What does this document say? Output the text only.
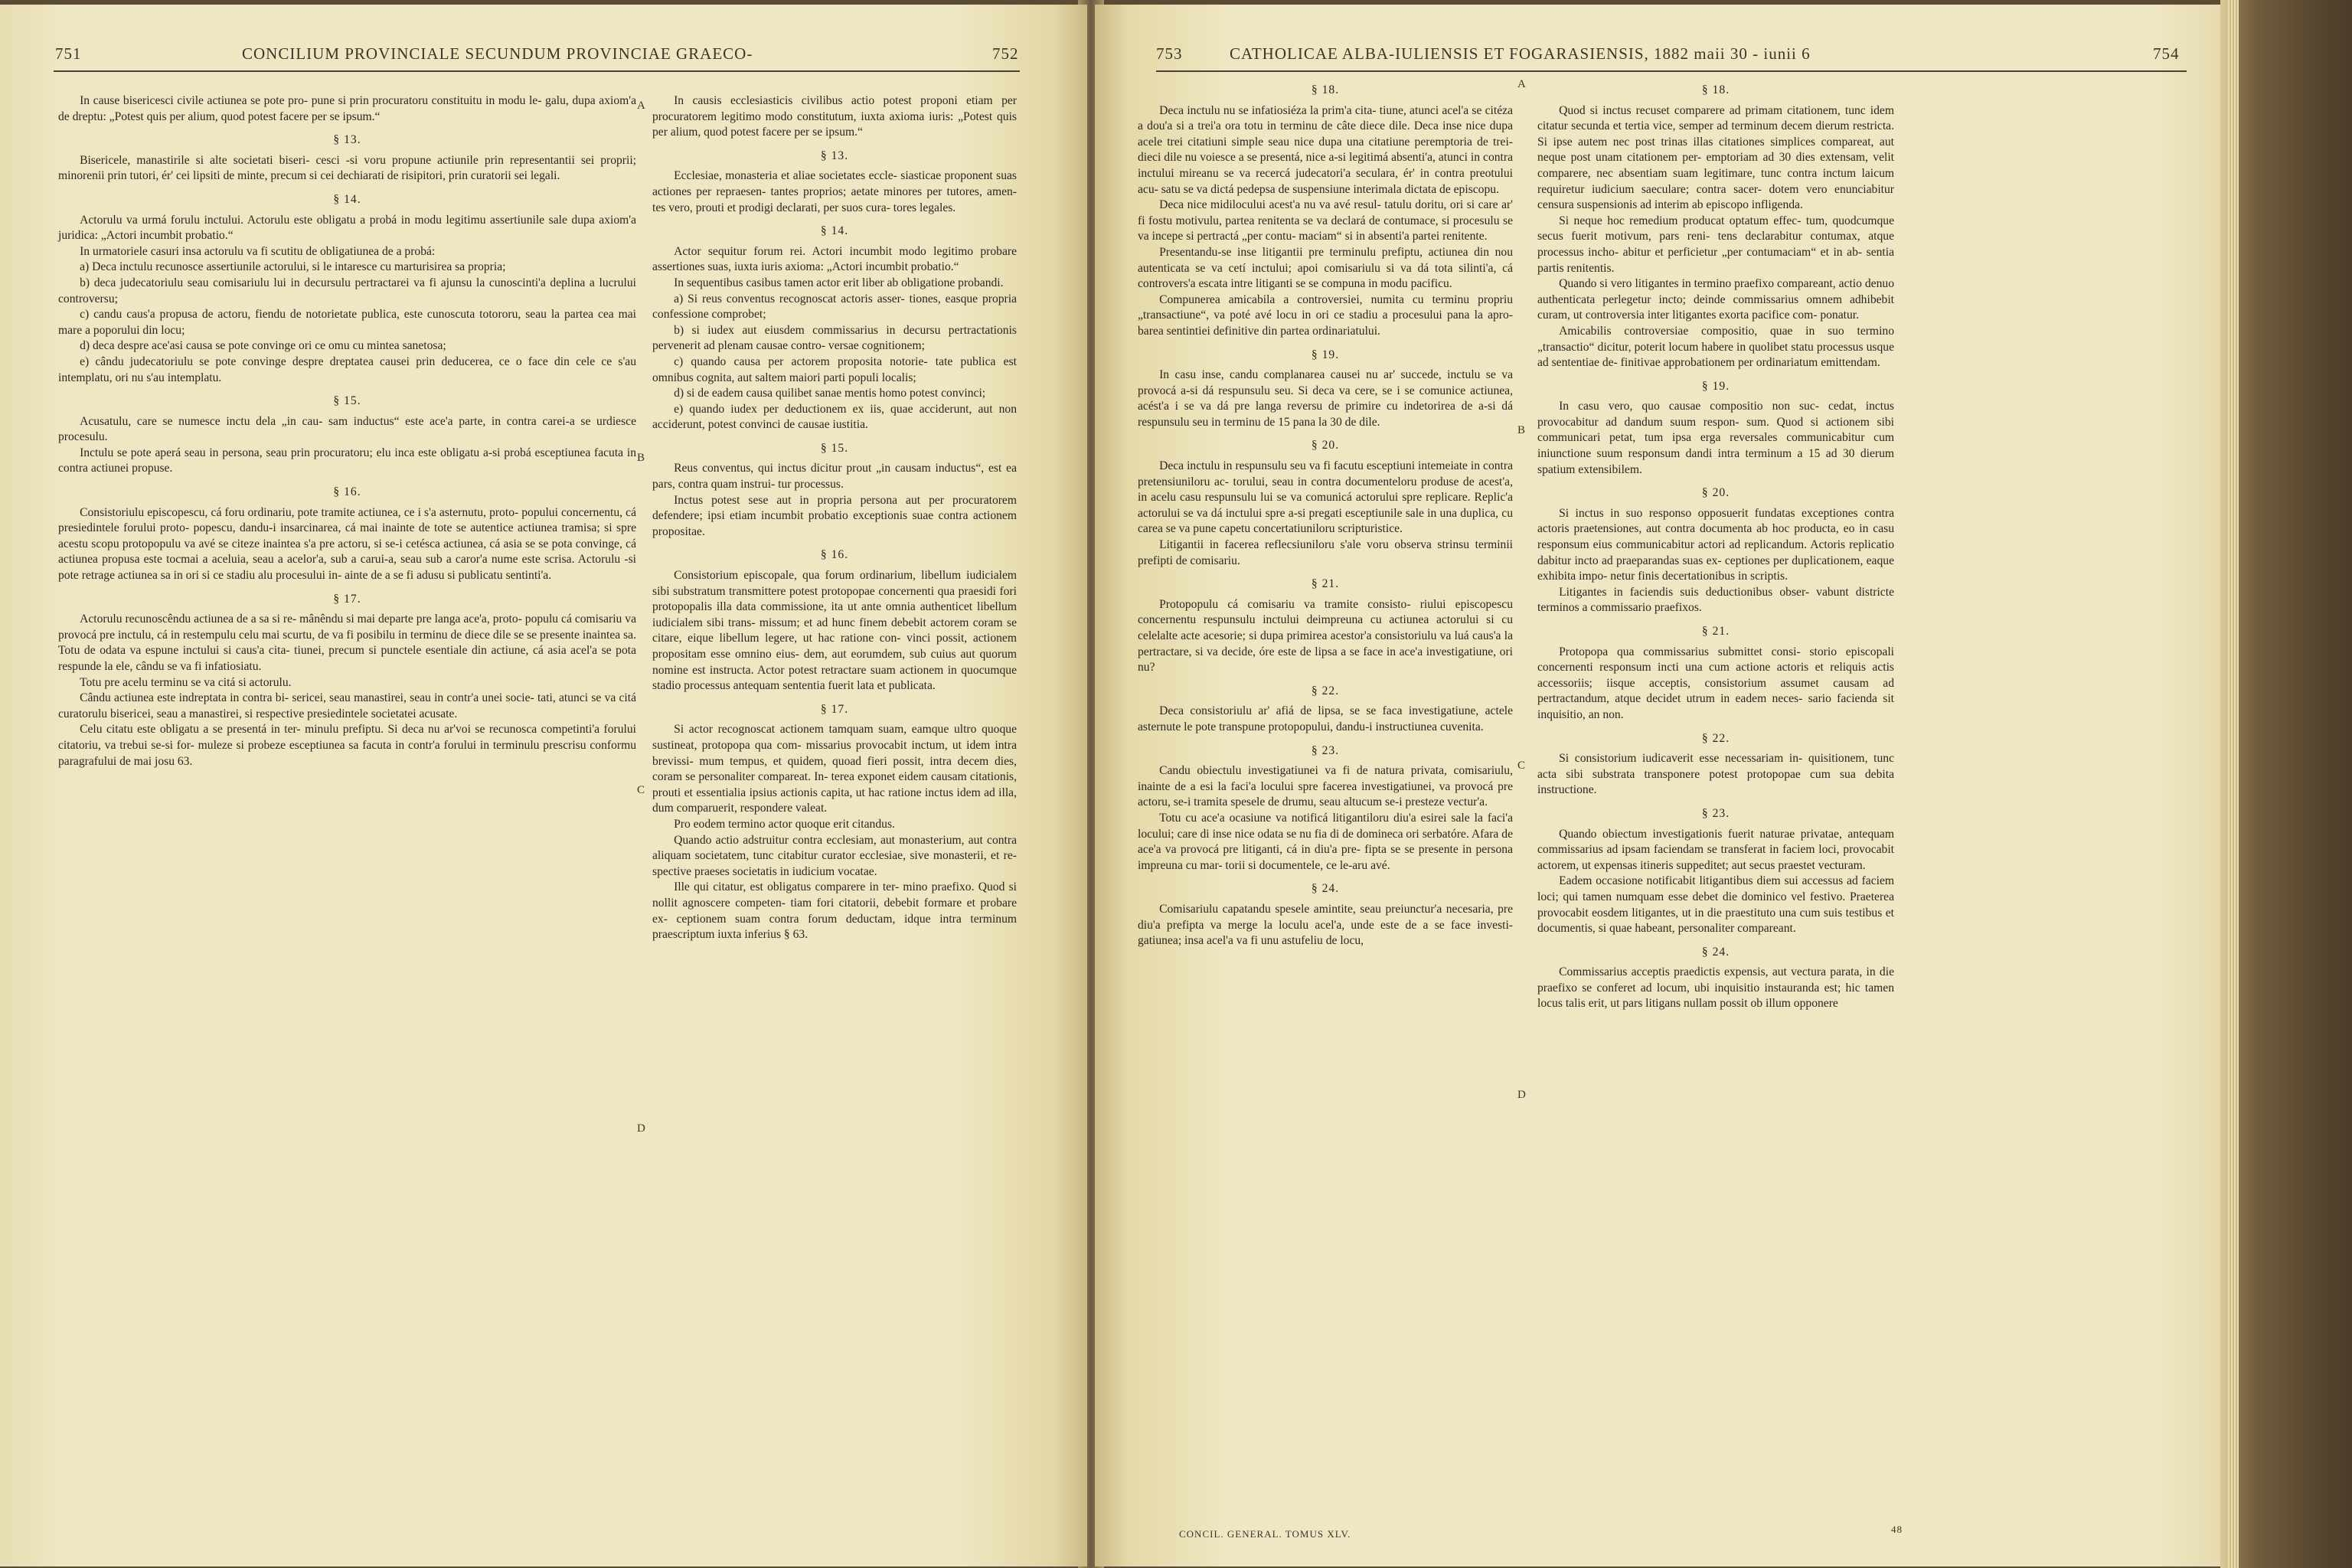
751	CONCILIUM PROVINCIALE SECUNDUM PROVINCIAE GRAECO-	752
A
B
C
D

In cause bisericesci civile actiunea se pote pro- pune si prin procuratoru constituitu in modu le- galu, dupa axiom'a de dreptu: „Potest quis per alium, quod potest facere per se ipsum.“

§ 13.

Bisericele, manastirile si alte societati biseri- cesci -si voru propune actiunile prin representantii sei proprii; minorenii prin tutori, ér' cei lipsiti de minte, precum si cei dechiarati de risipitori, prin curatorii sei legali.

§ 14.

Actorulu va urmá forulu inctului. Actorulu este obligatu a probá in modu legitimu assertiunile sale dupa axiom'a juridica: „Actori incumbit probatio.“

In urmatoriele casuri insa actorulu va fi scutitu de obligatiunea de a probá:

a) Deca inctulu recunosce assertiunile actorului, si le intaresce cu marturisirea sa propria;

b) deca judecatoriulu seau comisariulu lui in decursulu pertractarei va fi ajunsu la cunoscinti'a deplina a lucrului controversu;

c) candu caus'a propusa de actoru, fiendu de notorietate publica, este cunoscuta totororu, seau la partea cea mai mare a poporului din locu;

d) deca despre ace'asi causa se pote convinge ori ce omu cu mintea sanetosa;

e) cându judecatoriulu se pote convinge despre dreptatea causei prin deducerea, ce o face din cele ce s'au intemplatu, ori nu s'au intemplatu.

§ 15.

Acusatulu, care se numesce inctu dela „in cau- sam inductus“ este ace'a parte, in contra carei-a se urdiesce procesulu.

Inctulu se pote aperá seau in persona, seau prin procuratoru; elu inca este obligatu a-si probá esceptiunea facuta in contra actiunei propuse.

§ 16.

Consistoriulu episcopescu, cá foru ordinariu, pote tramite actiunea, ce i s'a asternutu, proto- popului concernentu, cá presiedintele forului proto- popescu, dandu-i insarcinarea, cá mai inainte de tote se autentice actiunea tramisa; si spre acestu scopu protopopulu va avé se citeze inaintea s'a pre actoru, si se-i cetésca actiunea, cá asia se se pota convinge, cá actiunea propusa este tocmai a aceluia, seau a acelor'a, sub a carui-a, seau sub a caror'a nume este scrisa. Actorulu -si pote retrage actiunea sa in ori si ce stadiu alu procesului in- ainte de a se fi adusu si publicatu sentinti'a.

§ 17.

Actorulu recunoscêndu actiunea de a sa si re- mânêndu si mai departe pre langa ace'a, proto- populu cá comisariu va provocá pre inctulu, cá in restempulu celu mai scurtu, de va fi posibilu in terminu de diece dile se se presente inaintea sa. Totu de odata va espune inctului si caus'a cita- tiunei, precum si punctele esentiale din actiune, cá asia acel'a se pota respunde la ele, cându se va fi infatiosiatu.

Totu pre acelu terminu se va citá si actorulu.

Cându actiunea este indreptata in contra bi- sericei, seau manastirei, seau in contr'a unei socie- tati, atunci se va citá curatorulu bisericei, seau a manastirei, si respective presiedintele societatei acusate.

Celu citatu este obligatu a se presentá in ter- minulu prefiptu. Si deca nu ar'voi se recunosca competinti'a forului citatoriu, va trebui se-si for- muleze si probeze esceptiunea sa facuta in contr'a forului in terminulu prescrisu conformu paragrafului de mai josu 63.

In causis ecclesiasticis civilibus actio potest proponi etiam per procuratorem legitimo modo constitutum, iuxta axioma iuris: „Potest quis per alium, quod potest facere per se ipsum.“

§ 13.

Ecclesiae, monasteria et aliae societates eccle- siasticae proponent suas actiones per repraesen- tantes proprios; aetate minores per tutores, amen- tes vero, prouti et prodigi declarati, per suos cura- tores legales.

§ 14.

Actor sequitur forum rei. Actori incumbit modo legitimo probare assertiones suas, iuxta iuris axioma: „Actori incumbit probatio.“

In sequentibus casibus tamen actor erit liber ab obligatione probandi.

a) Si reus conventus recognoscat actoris asser- tiones, easque propria confessione comprobet;

b) si iudex aut eiusdem commissarius in decursu pertractationis pervenerit ad plenam causae contro- versae cognitionem;

c) quando causa per actorem proposita notorie- tate publica est omnibus cognita, aut saltem maiori parti populi localis;

d) si de eadem causa quilibet sanae mentis homo potest convinci;

e) quando iudex per deductionem ex iis, quae acciderunt, aut non acciderunt, potest convinci de causae iustitia.

§ 15.

Reus conventus, qui inctus dicitur prout „in causam inductus“, est ea pars, contra quam instrui- tur processus.

Inctus potest sese aut in propria persona aut per procuratorem defendere; ipsi etiam incumbit probatio exceptionis suae contra actionem propositae.

§ 16.

Consistorium episcopale, qua forum ordinarium, libellum iudicialem sibi substratum transmittere potest protopopae concernenti qua praesidi fori protopopalis illa data commissione, ita ut ante omnia authenticet libellum iudicialem sibi trans- missum; et ad hunc finem debebit actorem coram se citare, eique libellum legere, ut hac ratione con- vinci possit, actionem propositam esse omnino eius- dem, aut eorumdem, sub cuius aut quorum nomine est instructa. Actor potest retractare suam actionem in quocumque stadio processus antequam sententia fuerit lata et publicata.

§ 17.

Si actor recognoscat actionem tamquam suam, eamque ultro quoque sustineat, protopopa qua com- missarius provocabit inctum, ut idem intra brevissi- mum tempus, et quidem, quoad fieri possit, intra decem dies, coram se personaliter compareat. In- terea exponet eidem causam citationis, prouti et essentialia ipsius actionis capita, ut hac ratione inctus idem ad illa, dum comparuerit, respondere valeat.

Pro eodem termino actor quoque erit citandus.

Quando actio adstruitur contra ecclesiam, aut monasterium, aut contra aliquam societatem, tunc citabitur curator ecclesiae, sive monasterii, et re- spective praeses societatis in iudicium vocatae.

Ille qui citatur, est obligatus comparere in ter- mino praefixo. Quod si nollit agnoscere competen- tiam fori citatorii, debebit formare et probare ex- ceptionem suam contra forum deductam, idque intra terminum praescriptum iuxta inferius § 63.

753	CATHOLICAE ALBA-IULIENSIS ET FOGARASIENSIS, 1882 maii 30 - iunii 6	754
A
B
C
D

§ 18.

Deca inctulu nu se infatiosiéza la prim'a cita- tiune, atunci acel'a se citéza a dou'a si a trei'a ora totu in terminu de câte diece dile. Deca inse nice dupa acele trei citatiuni simple seau nice dupa una citatiune peremptoria de trei-dieci dile nu voiesce a se presentá, nice a-si legitimá absenti'a, atunci in contra inctului mireanu se va recercá judecatori'a seculara, ér' in contra preotului acu- satu se va dictá pedepsa de suspensiune interimala dictata de episcopu.

Deca nice midilocului acest'a nu va avé resul- tatulu doritu, ori si care ar' fi fostu motivulu, partea renitenta se va declará de contumace, si procesulu se va incepe si pertractá „per contu- maciam“ si in absenti'a partei renitente.

Presentandu-se inse litigantii pre terminulu prefiptu, actiunea din nou autenticata se va cetí inctului; apoi comisariulu si va dá tota silinti'a, cá controvers'a escata intre litiganti se se compuna in modu pacificu.

Compunerea amicabila a controversiei, numita cu terminu propriu „transactiune“, va poté avé locu in ori ce stadiu a procesului pana la apro- barea sentintiei definitive din partea ordinariatului.

§ 19.

In casu inse, candu complanarea causei nu ar' succede, inctulu se va provocá a-si dá respunsulu seu. Si deca va cere, se i se comunice actiunea, acést'a i se va dá pre langa reversu de primire cu indetorirea de a-si dá respunsulu seu in terminu de 15 pana la 30 de dile.

§ 20.

Deca inctulu in respunsulu seu va fi facutu esceptiuni intemeiate in contra pretensiuniloru ac- torului, seau in contra documenteloru produse de acest'a, in acelu casu respunsulu lui se va comunicá actorului spre replicare. Replic'a actorului se va dá inctului spre a-si pregati esceptiunile sale in una duplica, cu carea se va pune capetu concertatiuniloru scripturistice.

Litigantii in facerea reflecsiuniloru s'ale voru observa strinsu terminii prefipti de comisariu.

§ 21.

Protopopulu cá comisariu va tramite consisto- riului episcopescu concernentu respunsulu inctului deimpreuna cu actiunea actorului si cu celelalte acte acesorie; si dupa primirea acestor'a consistoriulu va luá caus'a la pertractare, si va decide, óre este de lipsa a se face in ace'a investigatiune, ori nu?

§ 22.

Deca consistoriulu ar' afiá de lipsa, se se faca investigatiune, actele asternute le pote transpune protopopului, dandu-i instructiunea cuvenita.

§ 23.

Candu obiectulu investigatiunei va fi de natura privata, comisariulu, inainte de a esi la faci'a locului spre facerea investigatiunei, va provocá pre actoru, se-i tramita spesele de drumu, seau altucum se-i presteze vectur'a.

Totu cu ace'a ocasiune va notificá litigantiloru diu'a esirei sale la faci'a locului; care di inse nice odata se nu fia di de domineca ori serbatóre. Afara de ace'a va provocá pre litiganti, cá in diu'a pre- fipta se se presente in persona impreuna cu mar- torii si documentele, ce le-aru avé.

§ 24.

Comisariulu capatandu spesele amintite, seau preiunctur'a necesaria, pre diu'a prefipta va merge la loculu acel'a, unde este de a se face investi- gatiunea; insa acel'a va fi unu astufeliu de locu,

§ 18.

Quod si inctus recuset comparere ad primam citationem, tunc idem citatur secunda et tertia vice, semper ad terminum decem dierum restricta. Si ipse autem nec post trinas illas citationes simplices compareat, aut neque post unam citationem per- emptoriam ad 30 dies extensam, velit comparere, nec absentiam suam legitimare, tunc contra inctum laicum requiretur iudicium saeculare; contra sacer- dotem vero enunciabitur censura suspensionis ad interim ab episcopo infligenda.

Si neque hoc remedium producat optatum effec- tum, quodcumque secus fuerit motivum, pars reni- tens declarabitur contumax, atque processus incho- abitur et perficietur „per contumaciam“ et in ab- sentia partis renitentis.

Quando si vero litigantes in termino praefixo compareant, actio denuo authenticata perlegetur incto; deinde commissarius omnem adhibebit curam, ut controversia inter litigantes exorta pacifice com- ponatur.

Amicabilis controversiae compositio, quae in suo termino „transactio“ dicitur, poterit locum habere in quolibet statu processus usque ad sententiae de- finitivae approbationem per ordinariatum emittendam.

§ 19.

In casu vero, quo causae compositio non suc- cedat, inctus provocabitur ad dandum suum respon- sum. Quod si actionem sibi communicari petat, tum ipsa erga reversales communicabitur cum iniunctione suum responsum dandi intra terminum a 15 ad 30 dierum spatium extensibilem.

§ 20.

Si inctus in suo responso opposuerit fundatas exceptiones contra actoris praetensiones, aut contra documenta ab hoc producta, eo in casu responsum eius communicabitur actori ad replicandum. Actoris replicatio dabitur incto ad praeparandas suas ex- ceptiones per duplicationem, eaque exhibita impo- netur finis decertationibus in scriptis.

Litigantes in faciendis suis deductionibus obser- vabunt districte terminos a commissario praefixos.

§ 21.

Protopopa qua commissarius submittet consi- storio episcopali concernenti responsum incti una cum actione actoris et reliquis actis accessoriis; iisque acceptis, consistorium assumet causam ad pertractandum, atque decidet utrum in eadem neces- sario facienda sit inquisitio, an non.

§ 22.

Si consistorium iudicaverit esse necessariam in- quisitionem, tunc acta sibi substrata transponere potest protopopae cum sua debita instructione.

§ 23.

Quando obiectum investigationis fuerit naturae privatae, antequam commissarius ad ipsam faciendam se transferat in faciem loci, provocabit actorem, ut expensas itineris suppeditet; aut secus praestet vecturam.

Eadem occasione notificabit litigantibus diem sui accessus ad faciem loci; qui tamen numquam esse debet die dominico vel festivo. Praeterea provocabit eosdem litigantes, ut in die praestituto una cum suis testibus et documentis, si quae habeant, personaliter compareant.

§ 24.

Commissarius acceptis praedictis expensis, aut vectura parata, in die praefixo se conferet ad locum, ubi inquisitio instauranda est; hic tamen locus talis erit, ut pars litigans nullam possit ob illum opponere

CONCIL. GENERAL. TOMUS XLV.	48
